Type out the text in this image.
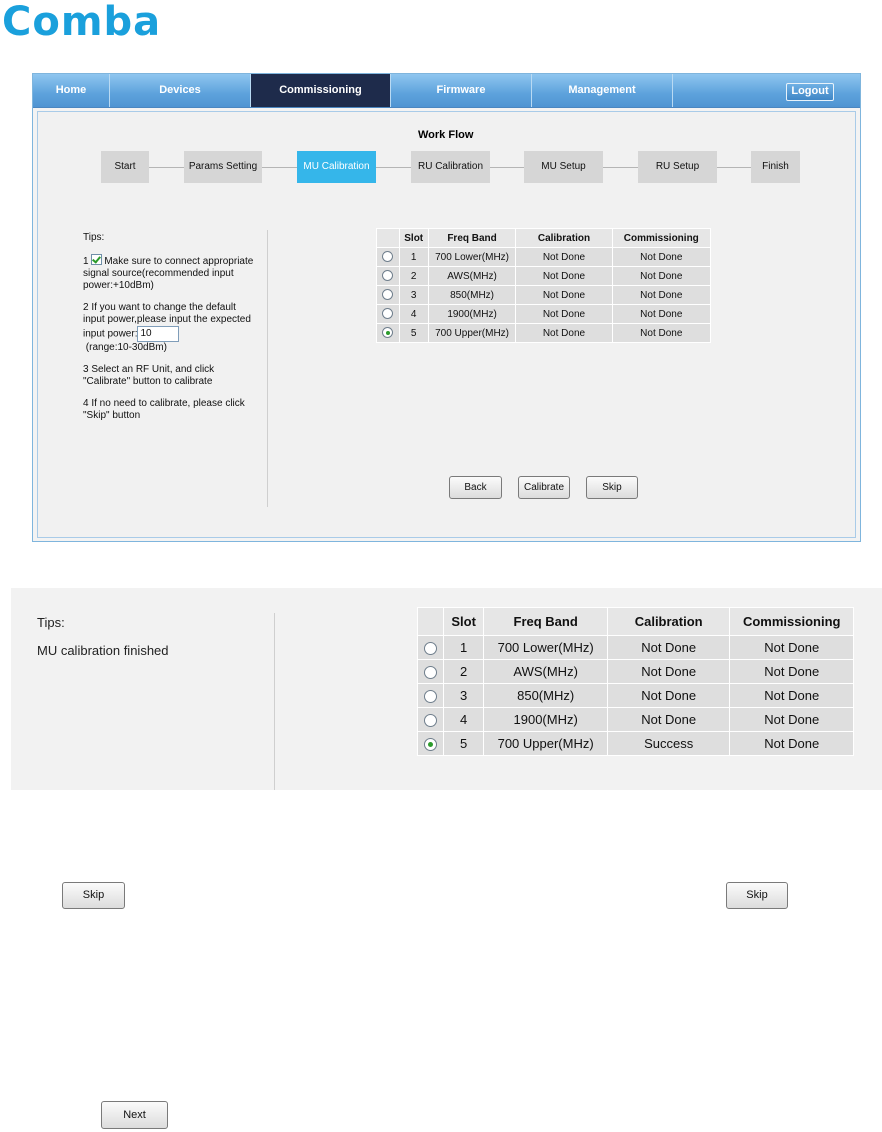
Comba
Home	Devices	Commissioning	Firmware	Management	Logout
Work Flow
Start	Params Setting	MU Calibration	RU Calibration	MU Setup	RU Setup	Finish
Tips:
1 Make sure to connect appropriate signal source(recommended input power:+10dBm)
2 If you want to change the default input power,please input the expected input power: 10
(range:10-30dBm)
3 Select an RF Unit, and click "Calibrate" button to calibrate
4 If no need to calibrate, please click "Skip" button
	Slot	Freq Band	Calibration	Commissioning
	1	700 Lower(MHz)	Not Done	Not Done
	2	AWS(MHz)	Not Done	Not Done
	3	850(MHz)	Not Done	Not Done
	4	1900(MHz)	Not Done	Not Done
	5	700 Upper(MHz)	Not Done	Not Done
Back	Calibrate	Skip
Tips:
MU calibration finished
	Slot	Freq Band	Calibration	Commissioning
	1	700 Lower(MHz)	Not Done	Not Done
	2	AWS(MHz)	Not Done	Not Done
	3	850(MHz)	Not Done	Not Done
	4	1900(MHz)	Not Done	Not Done
	5	700 Upper(MHz)	Success	Not Done
Skip	Skip
Next
